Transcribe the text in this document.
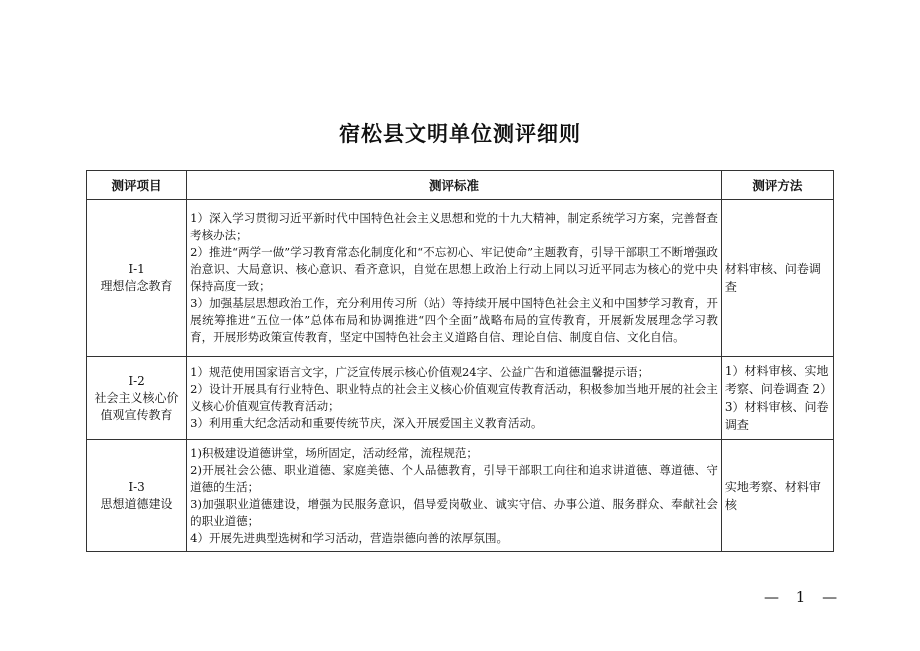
宿松县文明单位测评细则
测评项目	测评标准	测评方法

I-1
理想信念教育	1）深入学习贯彻习近平新时代中国特色社会主义思想和党的十九大精神，制定系统学习方案，完善督查考核办法；
2）推进“两学一做”学习教育常态化制度化和“不忘初心、牢记使命”主题教育，引导干部职工不断增强政治意识、大局意识、核心意识、看齐意识，自觉在思想上政治上行动上同以习近平同志为核心的党中央保持高度一致；
3）加强基层思想政治工作，充分利用传习所（站）等持续开展中国特色社会主义和中国梦学习教育，开展统筹推进“五位一体”总体布局和协调推进“四个全面”战略布局的宣传教育，开展新发展理念学习教育，开展形势政策宣传教育，坚定中国特色社会主义道路自信、理论自信、制度自信、文化自信。	材料审核、问卷调查

I-2
社会主义核心价值观宣传教育	1）规范使用国家语言文字，广泛宣传展示核心价值观24字、公益广告和道德温馨提示语；
2）设计开展具有行业特色、职业特点的社会主义核心价值观宣传教育活动，积极参加当地开展的社会主义核心价值观宣传教育活动；
3）利用重大纪念活动和重要传统节庆，深入开展爱国主义教育活动。	1）材料审核、实地考察、问卷调查 2）3）材料审核、问卷调查

I-3
思想道德建设	1)积极建设道德讲堂，场所固定，活动经常，流程规范；
2)开展社会公德、职业道德、家庭美德、个人品德教育，引导干部职工向往和追求讲道德、尊道德、守道德的生活；
3)加强职业道德建设，增强为民服务意识，倡导爱岗敬业、诚实守信、办事公道、服务群众、奉献社会的职业道德；
4）开展先进典型选树和学习活动，营造崇德向善的浓厚氛围。	实地考察、材料审核
— 1 —
